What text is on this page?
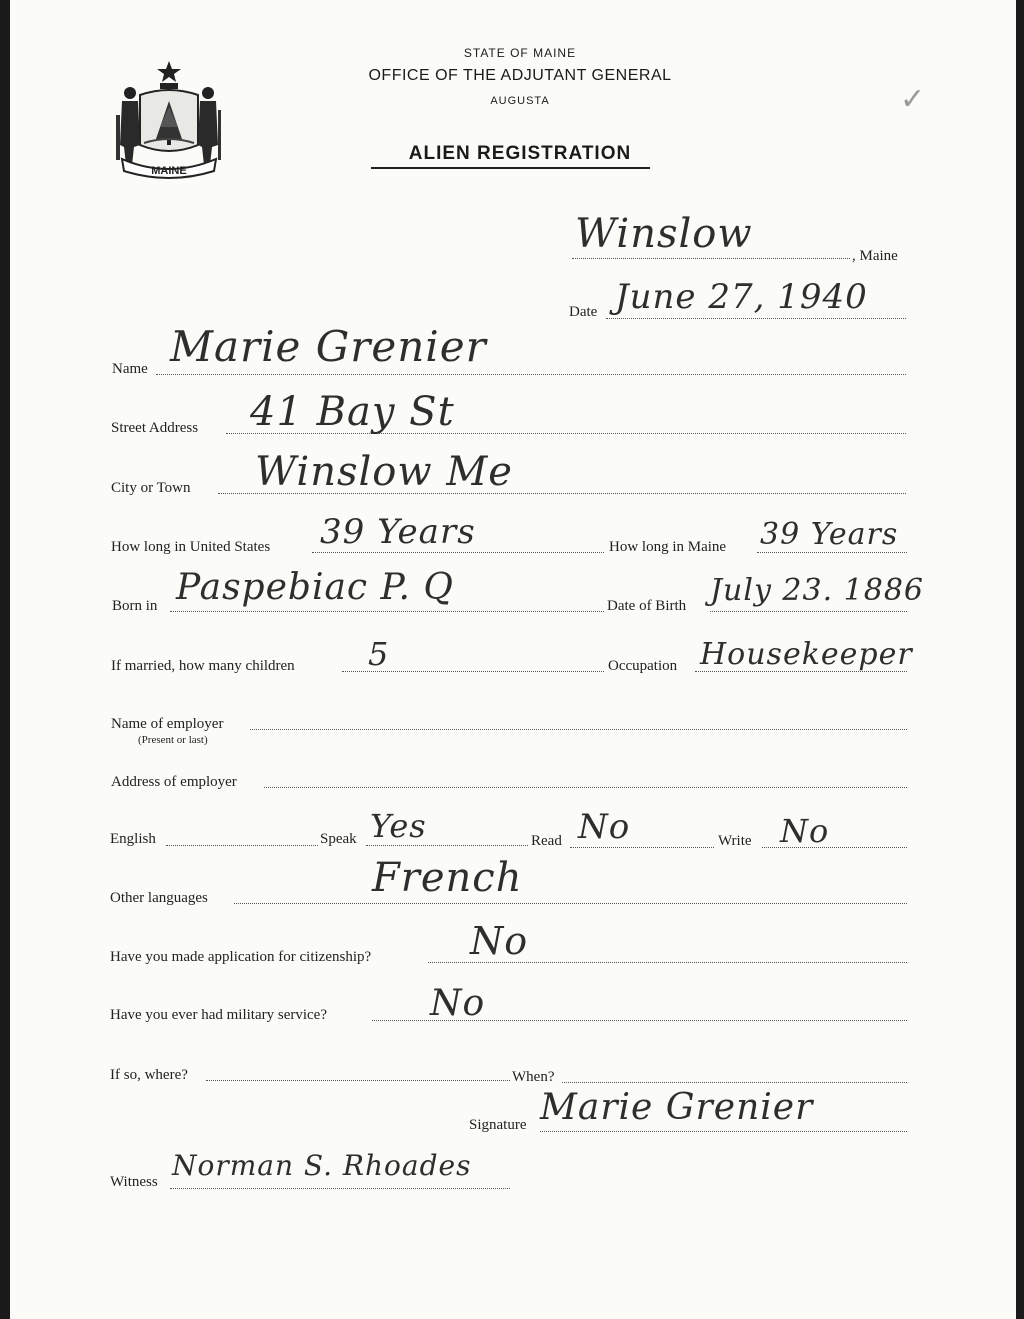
MAINE
STATE OF MAINE
OFFICE OF THE ADJUTANT GENERAL
AUGUSTA
ALIEN REGISTRATION
✓
Winslow	, Maine
Date June 27, 1940
Name Marie Grenier
Street Address 41 Bay St
City or Town Winslow Me
How long in United States 39 Years	How long in Maine 39 Years
Born in Paspebiac P. Q	Date of Birth July 23. 1886
If married, how many children 5	Occupation Housekeeper
Name of employer
(Present or last)
Address of employer
English	Speak Yes	Read No	Write No
Other languages	French
Have you made application for citizenship?	No
Have you ever had military service?	No
If so, where?	When?
Signature Marie Grenier
Witness Norman S. Rhoades
